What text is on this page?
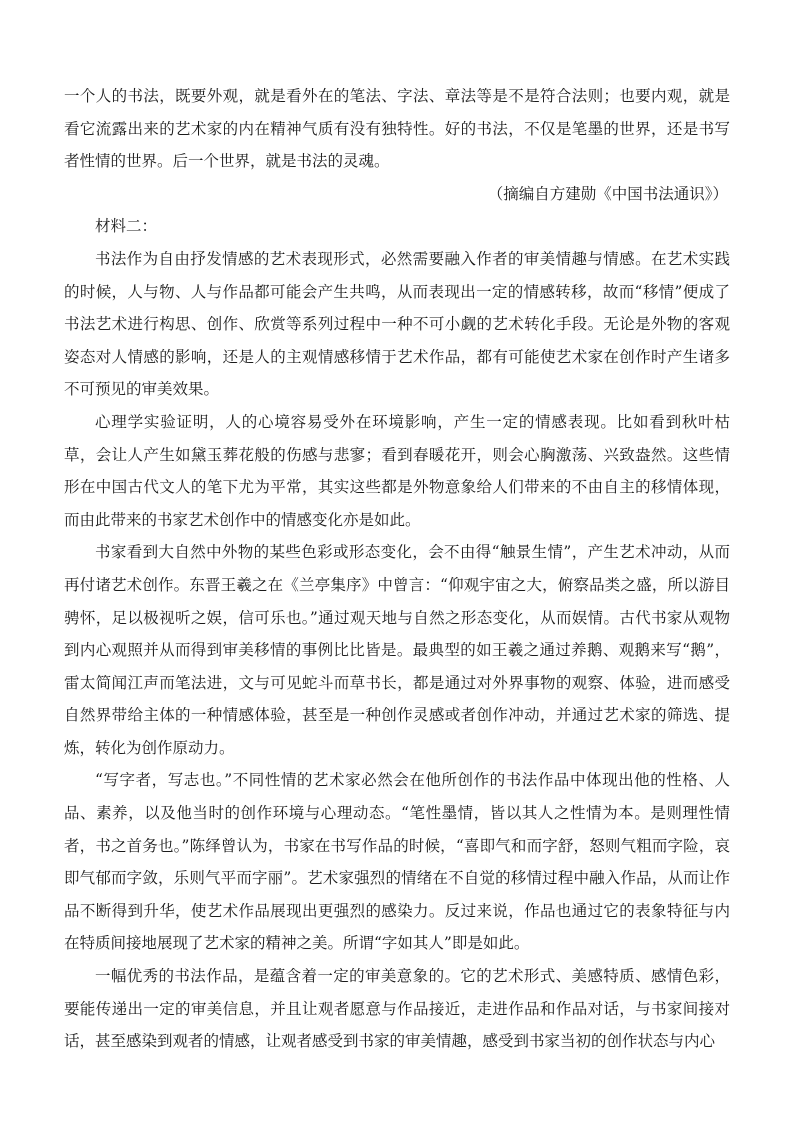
一个人的书法，既要外观，就是看外在的笔法、字法、章法等是不是符合法则；也要内观，就是看它流露出来的艺术家的内在精神气质有没有独特性。好的书法，不仅是笔墨的世界，还是书写者性情的世界。后一个世界，就是书法的灵魂。

（摘编自方建勋《中国书法通识》）

材料二：

书法作为自由抒发情感的艺术表现形式，必然需要融入作者的审美情趣与情感。在艺术实践的时候，人与物、人与作品都可能会产生共鸣，从而表现出一定的情感转移，故而“移情”便成了书法艺术进行构思、创作、欣赏等系列过程中一种不可小觑的艺术转化手段。无论是外物的客观姿态对人情感的影响，还是人的主观情感移情于艺术作品，都有可能使艺术家在创作时产生诸多不可预见的审美效果。

心理学实验证明，人的心境容易受外在环境影响，产生一定的情感表现。比如看到秋叶枯草，会让人产生如黛玉葬花般的伤感与悲寥；看到春暖花开，则会心胸激荡、兴致盎然。这些情形在中国古代文人的笔下尤为平常，其实这些都是外物意象给人们带来的不由自主的移情体现，而由此带来的书家艺术创作中的情感变化亦是如此。

书家看到大自然中外物的某些色彩或形态变化，会不由得“触景生情”，产生艺术冲动，从而再付诸艺术创作。东晋王羲之在《兰亭集序》中曾言：“仰观宇宙之大，俯察品类之盛，所以游目骋怀，足以极视听之娱，信可乐也。”通过观天地与自然之形态变化，从而娱情。古代书家从观物到内心观照并从而得到审美移情的事例比比皆是。最典型的如王羲之通过养鹅、观鹅来写“鹅”，雷太简闻江声而笔法进，文与可见蛇斗而草书长，都是通过对外界事物的观察、体验，进而感受自然界带给主体的一种情感体验，甚至是一种创作灵感或者创作冲动，并通过艺术家的筛选、提炼，转化为创作原动力。

“写字者，写志也。”不同性情的艺术家必然会在他所创作的书法作品中体现出他的性格、人品、素养，以及他当时的创作环境与心理动态。“笔性墨情，皆以其人之性情为本。是则理性情者，书之首务也。”陈绎曾认为，书家在书写作品的时候，“喜即气和而字舒，怒则气粗而字险，哀即气郁而字敛，乐则气平而字丽”。艺术家强烈的情绪在不自觉的移情过程中融入作品，从而让作品不断得到升华，使艺术作品展现出更强烈的感染力。反过来说，作品也通过它的表象特征与内在特质间接地展现了艺术家的精神之美。所谓“字如其人”即是如此。

一幅优秀的书法作品，是蕴含着一定的审美意象的。它的艺术形式、美感特质、感情色彩，要能传递出一定的审美信息，并且让观者愿意与作品接近，走进作品和作品对话，与书家间接对话，甚至感染到观者的情感，让观者感受到书家的审美情趣，感受到书家当初的创作状态与内心
